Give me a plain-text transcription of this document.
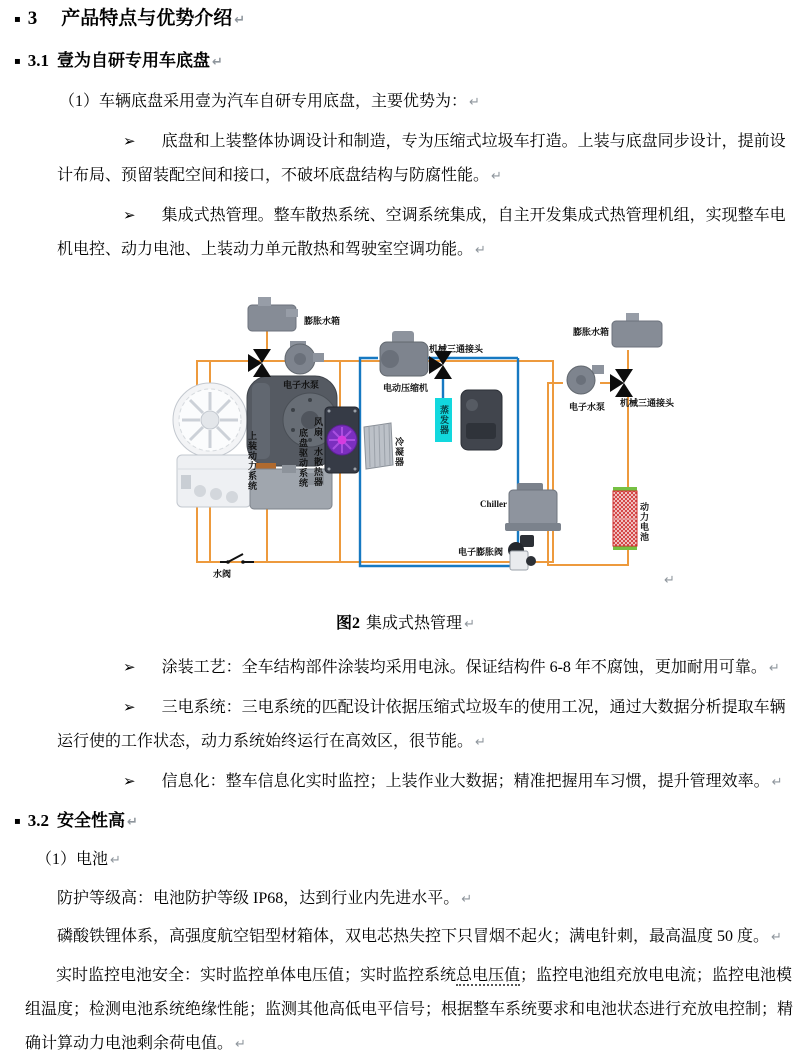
▪ 3 产品特点与优势介绍 ↵

▪ 3.1 壹为自研专用车底盘 ↵

（1）车辆底盘采用壹为汽车自研专用底盘，主要优势为： ↵

➢ 底盘和上装整体协调设计和制造，专为压缩式垃圾车打造。上装与底盘同步设计，提前设计布局、预留装配空间和接口，不破坏底盘结构与防腐性能。 ↵

➢ 集成式热管理。整车散热系统、空调系统集成，自主开发集成式热管理机组，实现整车电机电控、动力电池、上装动力单元散热和驾驶室空调功能。 ↵

膨胀水箱
电子水泵
机械三通接头
电动压缩机
膨胀水箱
电子水泵 机械三通接头
上装动力系统	底盘驱动系统 风扇、水散热器	冷凝器
蒸发器
Chiller
电子膨胀阀
动力电池
水阀	↵

图2 集成式热管理 ↵

➢ 涂装工艺：全车结构部件涂装均采用电泳。保证结构件 6-8 年不腐蚀，更加耐用可靠。 ↵

➢ 三电系统：三电系统的匹配设计依据压缩式垃圾车的使用工况，通过大数据分析提取车辆运行使的工作状态，动力系统始终运行在高效区，很节能。 ↵

➢ 信息化：整车信息化实时监控；上装作业大数据；精准把握用车习惯，提升管理效率。 ↵

▪ 3.2 安全性高 ↵

（1）电池 ↵

防护等级高：电池防护等级 IP68，达到行业内先进水平。 ↵

磷酸铁锂体系，高强度航空铝型材箱体，双电芯热失控下只冒烟不起火；满电针刺，最高温度 50 度。 ↵

实时监控电池安全：实时监控单体电压值；实时监控系统总电压值；监控电池组充放电电流；监控电池模组温度；检测电池系统绝缘性能；监测其他高低电平信号；根据整车系统要求和电池状态进行充放电控制；精确计算动力电池剩余荷电值。 ↵
